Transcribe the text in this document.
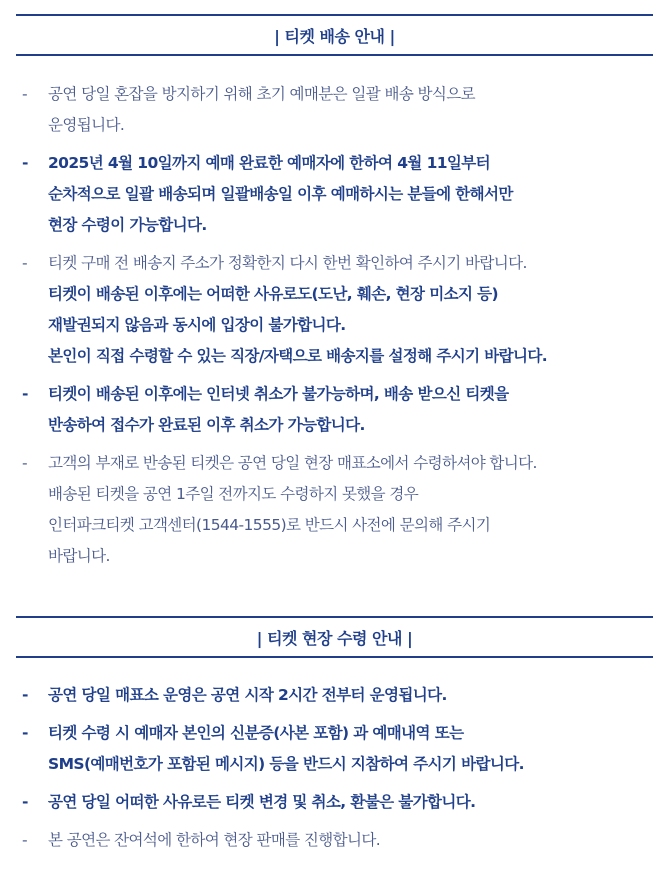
| 티켓 배송 안내 |
-	공연 당일 혼잡을 방지하기 위해 초기 예매분은 일괄 배송 방식으로
운영됩니다.
-	2025년 4월 10일까지 예매 완료한 예매자에 한하여 4월 11일부터
순차적으로 일괄 배송되며 일괄배송일 이후 예매하시는 분들에 한해서만
현장 수령이 가능합니다.
-	티켓 구매 전 배송지 주소가 정확한지 다시 한번 확인하여 주시기 바랍니다.
티켓이 배송된 이후에는 어떠한 사유로도(도난, 훼손, 현장 미소지 등)
재발권되지 않음과 동시에 입장이 불가합니다.
본인이 직접 수령할 수 있는 직장/자택으로 배송지를 설정해 주시기 바랍니다.
-	티켓이 배송된 이후에는 인터넷 취소가 불가능하며, 배송 받으신 티켓을
반송하여 접수가 완료된 이후 취소가 가능합니다.
-	고객의 부재로 반송된 티켓은 공연 당일 현장 매표소에서 수령하셔야 합니다.
배송된 티켓을 공연 1주일 전까지도 수령하지 못했을 경우
인터파크티켓 고객센터(1544-1555)로 반드시 사전에 문의해 주시기
바랍니다.
| 티켓 현장 수령 안내 |
-	공연 당일 매표소 운영은 공연 시작 2시간 전부터 운영됩니다.
-	티켓 수령 시 예매자 본인의 신분증(사본 포함) 과 예매내역 또는
SMS(예매번호가 포함된 메시지) 등을 반드시 지참하여 주시기 바랍니다.
-	공연 당일 어떠한 사유로든 티켓 변경 및 취소, 환불은 불가합니다.
-	본 공연은 잔여석에 한하여 현장 판매를 진행합니다.
